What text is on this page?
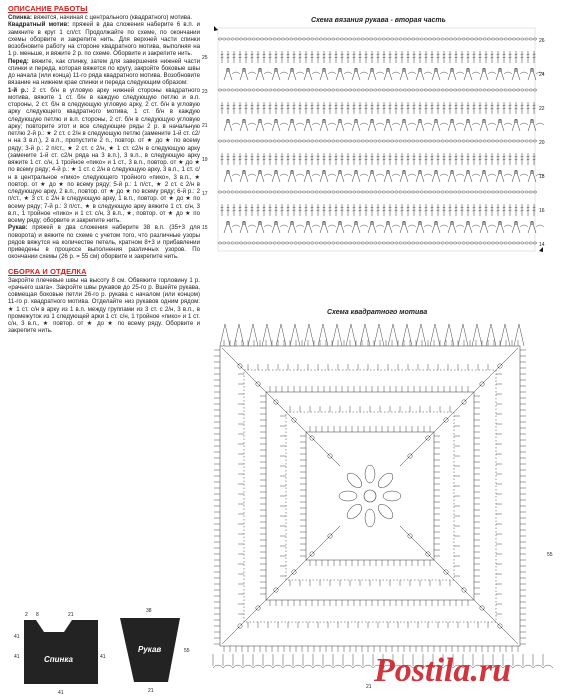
ОПИСАНИЕ РАБОТЫ

Спинка: вяжется, начиная с центрального (квадратного) мотива.

Квадратный мотив: пряжей в два сложения наберите 6 в.п. и замкните в круг 1 сл/ст. Продолжайте по схеме, по окончании схемы оборвите и закрепите нить. Для верхней части спинки возобновите работу на стороне квадратного мотива, выполняя на 1 р. меньше, и вяжите 2 р. по схеме. Оборвите и закрепите нить.

Перед: вяжите, как спинку, затем для завершения нижней части спинки и переда, которая вяжется по кругу, закройте боковые швы до начала (или конца) 11-го ряда квадратного мотива. Возобновите вязание на нижнем крае спинки и переда следующим образом:

1-й р.: 2 ст. б/н в угловую арку нижней стороны квадратного мотива, вяжите 1 ст. б/н в каждую следующую петлю и в.п. стороны, 2 ст. б/н в следующую угловую арку, 2 ст. б/н в угловую арку следующего квадратного мотива, 1 ст. б/н в каждую следующую петлю и в.п. стороны, 2 ст. б/н в следующую угловую арку; повторите этот и все следующие ряды 2 р. в начальную петлю 2-й р.: ★ 2 ст. с 2/н в следующую петлю (замените 1-й ст. с2/н на 3 в.п.), 2 в.п., пропустите 2 п., повтор. от ★ до ★ по всему ряду; 3-й р.: 2 п/ст., ★ 2 ст. с 2/н, ★ 1 ст. с2/н в следующую арку (замените 1-й ст. с2/н ряда на 3 в.п.), 3 в.п., в следующую арку вяжите 1 ст. с/н, 1 тройное «пико» и 1 ст., 3 в.п., повтор. от ★ до ★ по всему ряду; 4-й р.: ★ 1 ст. с 2/н в следующую арку, 3 в.п., 1 ст. с/н в центральное «пико» следующего тройного «пико», 3 в.п., ★ повтор. от ★ до ★ по всему ряду; 5-й р.: 1 п/ст., ★ 2 ст. с 2/н в следующую арку, 2 в.п., повтор. от ★ до ★ по всему ряду; 6-й р.: 2 п/ст., ★ 3 ст. с 2/н в следующую арку, 1 в.п., повтор. от ★ до ★ по всему ряду; 7-й р.: 3 п/ст., ★ в следующую арку вяжите 1 ст. с/н, 3 в.п., 1 тройное «пико» и 1 ст. с/н, 3 в.п., ★, повтор. от ★ до ★ по всему ряду; оборвите и закрепите нить.

Рукав: пряжей в два сложения наберите 38 в.п. (35+3 для поворота) и вяжите по схеме с учетом того, что различные узоры рядов вяжутся на количестве петель, кратном 8+3 и прибавлении приведены в процессе выполнения различных узоров. По окончании схемы (26 р. = 55 см) оборвите и закрепите нить.

СБОРКА И ОТДЕЛКА

Закройте плечевые швы на высоту 8 см. Обвяжите горловину 1 р. «рачьего шага». Закройте швы рукавов до 25-го р. Вшейте рукава, совмещая боковые петли 26-го р. рукава с началом (или концом) 11-го р. квадратного мотива. Отделайте низ рукавов одним рядом: ★ 1 ст. с/н в арку из 1 в.п. между группами из 3 ст. с 2/н, 3 в.п., в промежуток из 1 следующей арки 1 ст. с/н, 1 тройное «пико» и 1 ст. с/н, 3 в.п., ★ повтор. от ★ до ★ по всему ряду. Оборвите и закрепите нить.

Схема вязания рукава - вторая часть
26
25
24
23
22
21
20
19
18
17
16
15
14
Схема квадратного мотива
21
55
Спинка
2 8	21
41
41
41	41
Рукав
38
21
55
Postila.ru
